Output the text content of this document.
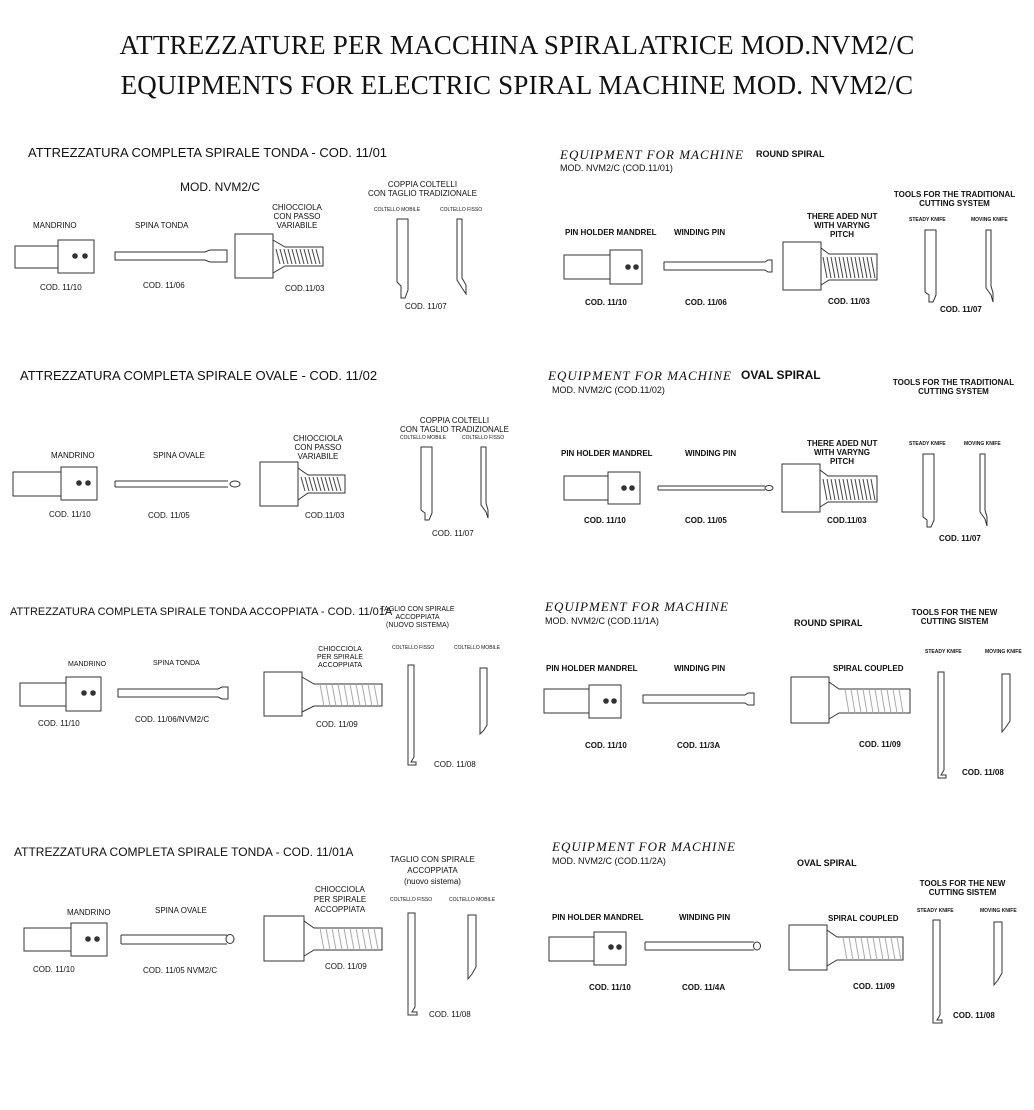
ATTREZZATURE PER MACCHINA SPIRALATRICE MOD.NVM2/C
EQUIPMENTS FOR ELECTRIC SPIRAL MACHINE MOD. NVM2/C
ATTREZZATURA COMPLETA SPIRALE TONDA - COD. 11/01
MOD. NVM2/C
MANDRINO	SPINA TONDA
CHIOCCIOLA
CON PASSO
VARIABILE
COPPIA COLTELLI
CON TAGLIO TRADIZIONALE
COLTELLO MOBILE	COLTELLO FISSO
COD. 11/10	COD. 11/06	COD.11/03
COD. 11/07
EQUIPMENT FOR MACHINE ROUND SPIRAL
MOD. NVM2/C (COD.11/01)
PIN HOLDER MANDREL WINDING PIN
THERE ADED NUT
WITH VARYNG
PITCH
TOOLS FOR THE TRADITIONAL
CUTTING SYSTEM
STEADY KNIFE	MOVING KNIFE
COD. 11/10	COD. 11/06	COD. 11/03
COD. 11/07
ATTREZZATURA COMPLETA SPIRALE OVALE - COD. 11/02
MANDRINO	SPINA OVALE
CHIOCCIOLA
CON PASSO
VARIABILE
COPPIA COLTELLI
CON TAGLIO TRADIZIONALE
COLTELLO MOBILE	COLTELLO FISSO
COD. 11/10	COD. 11/05	COD.11/03
COD. 11/07
EQUIPMENT FOR MACHINE OVAL SPIRAL
MOD. NVM2/C (COD.11/02)
TOOLS FOR THE TRADITIONAL
CUTTING SYSTEM
PIN HOLDER MANDREL	WINDING PIN
THERE ADED NUT
WITH VARYNG
PITCH
STEADY KNIFE	MOVING KNIFE
COD. 11/10	COD. 11/05	COD.11/03
COD. 11/07
ATTREZZATURA COMPLETA SPIRALE TONDA ACCOPPIATA - COD. 11/01A
TAGLIO CON SPIRALE
ACCOPPIATA
(NUOVO SISTEMA)
COLTELLO FISSO	COLTELLO MOBILE
MANDRINO	SPINA TONDA
CHIOCCIOLA
PER SPIRALE
ACCOPPIATA
COD. 11/10	COD. 11/06/NVM2/C
COD. 11/09
COD. 11/08
EQUIPMENT FOR MACHINE
MOD. NVM2/C (COD.11/1A)	ROUND SPIRAL
TOOLS FOR THE NEW
CUTTING SISTEM
STEADY KNIFE	MOVING KNIFE
PIN HOLDER MANDREL	WINDING PIN	SPIRAL COUPLED
COD. 11/10	COD. 11/3A	COD. 11/09
COD. 11/08
ATTREZZATURA COMPLETA SPIRALE TONDA - COD. 11/01A
TAGLIO CON SPIRALE
ACCOPPIATA
(nuovo sistema)
COLTELLO FISSO	COLTELLO MOBILE
CHIOCCIOLA
PER SPIRALE
ACCOPPIATA
MANDRINO	SPINA OVALE
COD. 11/10	COD. 11/05 NVM2/C	COD. 11/09
COD. 11/08
EQUIPMENT FOR MACHINE
MOD. NVM2/C (COD.11/2A)	OVAL SPIRAL
TOOLS FOR THE NEW
CUTTING SISTEM
STEADY KNIFE	MOVING KNIFE
PIN HOLDER MANDREL	WINDING PIN	SPIRAL COUPLED
COD. 11/10	COD. 11/4A	COD. 11/09
COD. 11/08
